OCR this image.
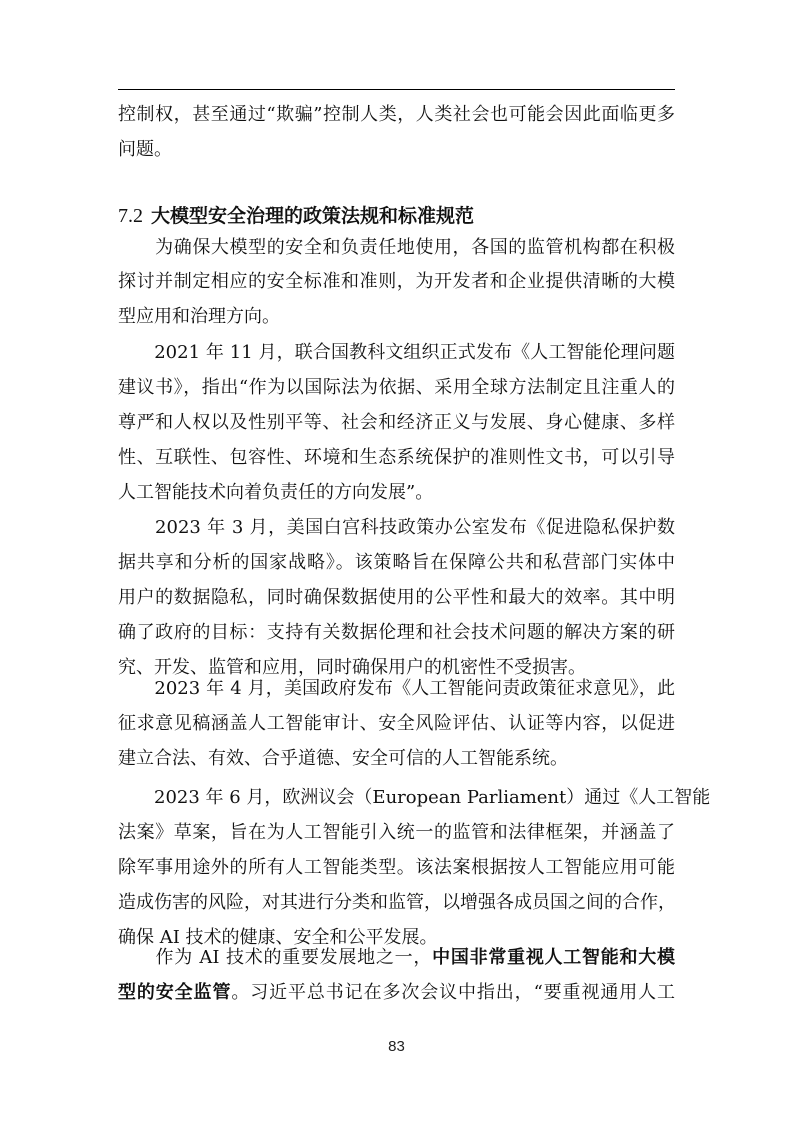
控制权，甚至通过“欺骗”控制人类，人类社会也可能会因此面临更多
问题。
7.2 大模型安全治理的政策法规和标准规范
　　为确保大模型的安全和负责任地使用，各国的监管机构都在积极
探讨并制定相应的安全标准和准则，为开发者和企业提供清晰的大模
型应用和治理方向。
　　2021 年 11 月，联合国教科文组织正式发布《人工智能伦理问题
建议书》，指出“作为以国际法为依据、采用全球方法制定且注重人的
尊严和人权以及性别平等、社会和经济正义与发展、身心健康、多样
性、互联性、包容性、环境和生态系统保护的准则性文书，可以引导
人工智能技术向着负责任的方向发展”。
　　2023 年 3 月，美国白宫科技政策办公室发布《促进隐私保护数
据共享和分析的国家战略》。该策略旨在保障公共和私营部门实体中
用户的数据隐私，同时确保数据使用的公平性和最大的效率。其中明
确了政府的目标：支持有关数据伦理和社会技术问题的解决方案的研
究、开发、监管和应用，同时确保用户的机密性不受损害。
　　2023 年 4 月，美国政府发布《人工智能问责政策征求意见》，此
征求意见稿涵盖人工智能审计、安全风险评估、认证等内容，以促进
建立合法、有效、合乎道德、安全可信的人工智能系统。
　　2023 年 6 月，欧洲议会（European Parliament）通过《人工智能
法案》草案，旨在为人工智能引入统一的监管和法律框架，并涵盖了
除军事用途外的所有人工智能类型。该法案根据按人工智能应用可能
造成伤害的风险，对其进行分类和监管，以增强各成员国之间的合作，
确保 AI 技术的健康、安全和公平发展。
　　作为 AI 技术的重要发展地之一，中国非常重视人工智能和大模
型的安全监管。习近平总书记在多次会议中指出，“要重视通用人工
83
